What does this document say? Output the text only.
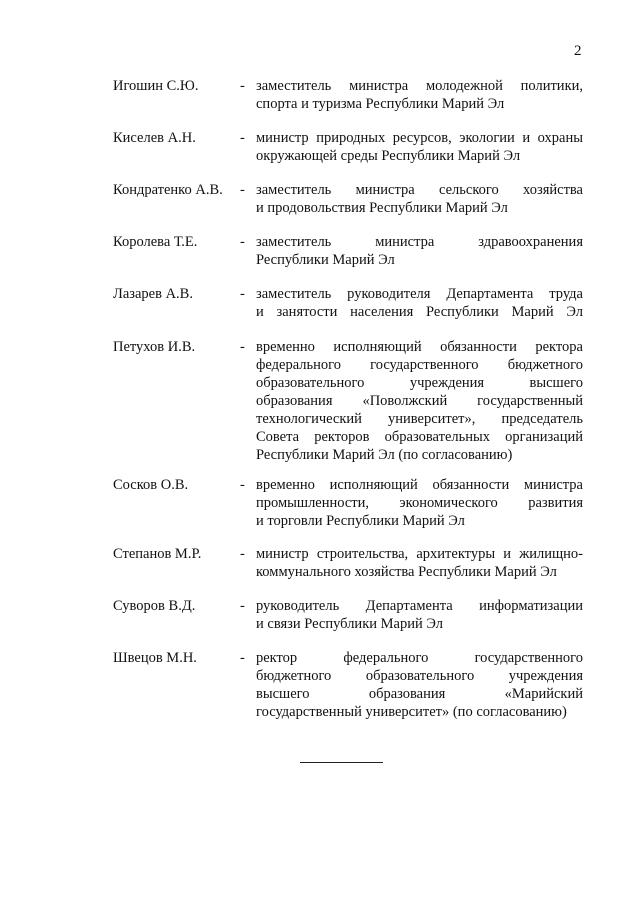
2
Игошин С.Ю.	- заместитель министра молодежной политики,
спорта и туризма Республики Марий Эл
Киселев А.Н.	- министр природных ресурсов, экологии и охраны
окружающей среды Республики Марий Эл
Кондратенко А.В. - заместитель министра сельского хозяйства
и продовольствия Республики Марий Эл
Королева Т.Е.	- заместитель министра здравоохранения
Республики Марий Эл
Лазарев А.В.	- заместитель руководителя Департамента труда
и занятости населения Республики Марий Эл
Петухов И.В.	- временно исполняющий обязанности ректора
федерального государственного бюджетного
образовательного учреждения высшего
образования «Поволжский государственный
технологический университет», председатель
Совета ректоров образовательных организаций
Республики Марий Эл (по согласованию)
Сосков О.В.	- временно исполняющий обязанности министра
промышленности, экономического развития
и торговли Республики Марий Эл
Степанов М.Р.	- министр строительства, архитектуры и жилищно-
коммунального хозяйства Республики Марий Эл
Суворов В.Д.	- руководитель Департамента информатизации
и связи Республики Марий Эл
Швецов М.Н.	- ректор федерального государственного
бюджетного образовательного учреждения
высшего образования «Марийский
государственный университет» (по согласованию)
